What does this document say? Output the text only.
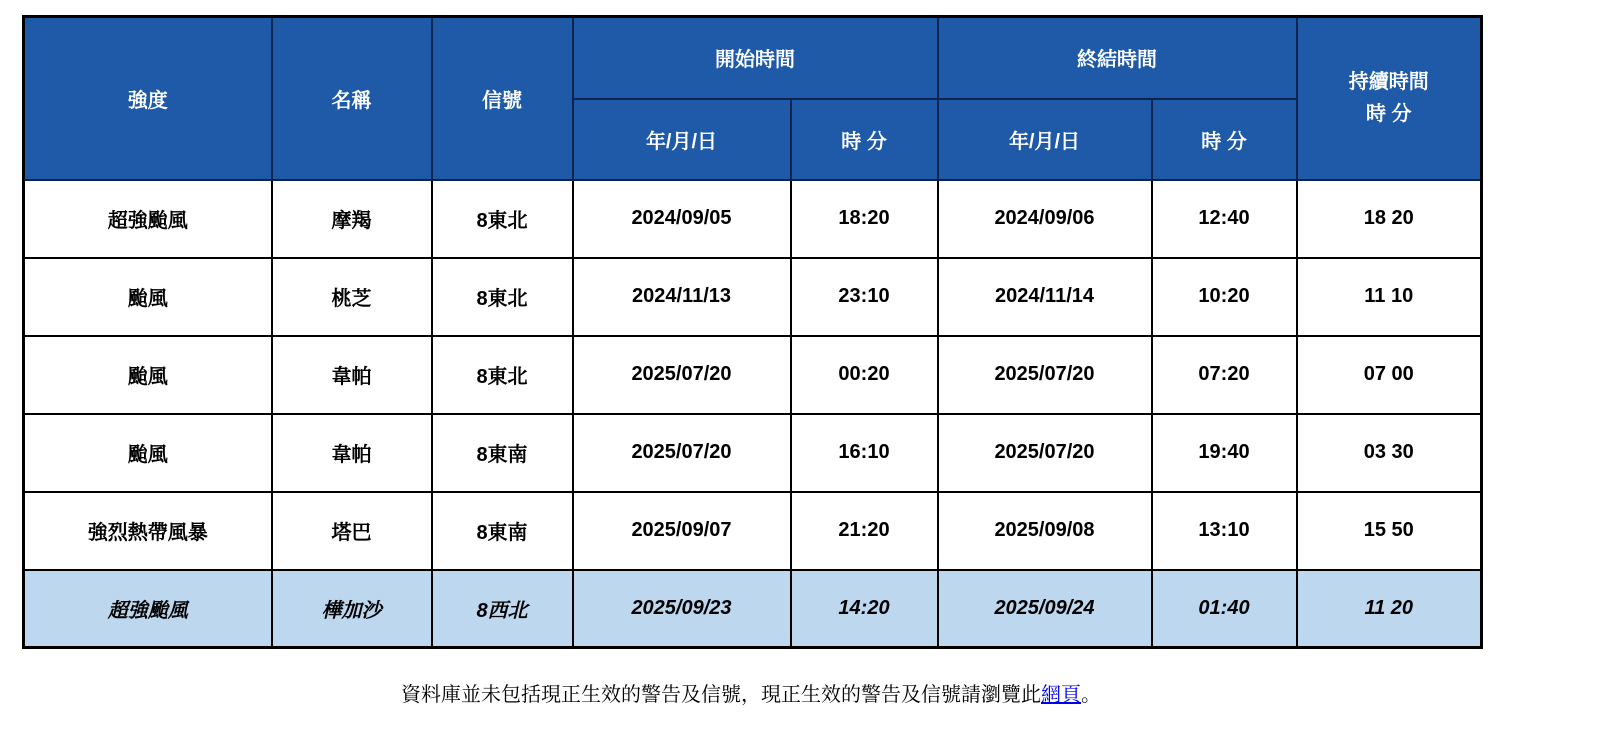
強度	名稱	信號	開始時間		終結時間		持續時間
時 分

			年/月/日	時 分	年/月/日	時 分	
超強颱風	摩羯	8東北	2024/09/05	18:20	2024/09/06	12:40	18 20
颱風	桃芝	8東北	2024/11/13	23:10	2024/11/14	10:20	11 10
颱風	韋帕	8東北	2025/07/20	00:20	2025/07/20	07:20	07 00
颱風	韋帕	8東南	2025/07/20	16:10	2025/07/20	19:40	03 30
強烈熱帶風暴	塔巴	8東南	2025/09/07	21:20	2025/09/08	13:10	15 50
超強颱風	樺加沙	8西北	2025/09/23	14:20	2025/09/24	01:40	11 20
資料庫並未包括現正生效的警告及信號，現正生效的警告及信號請瀏覽此網頁。
